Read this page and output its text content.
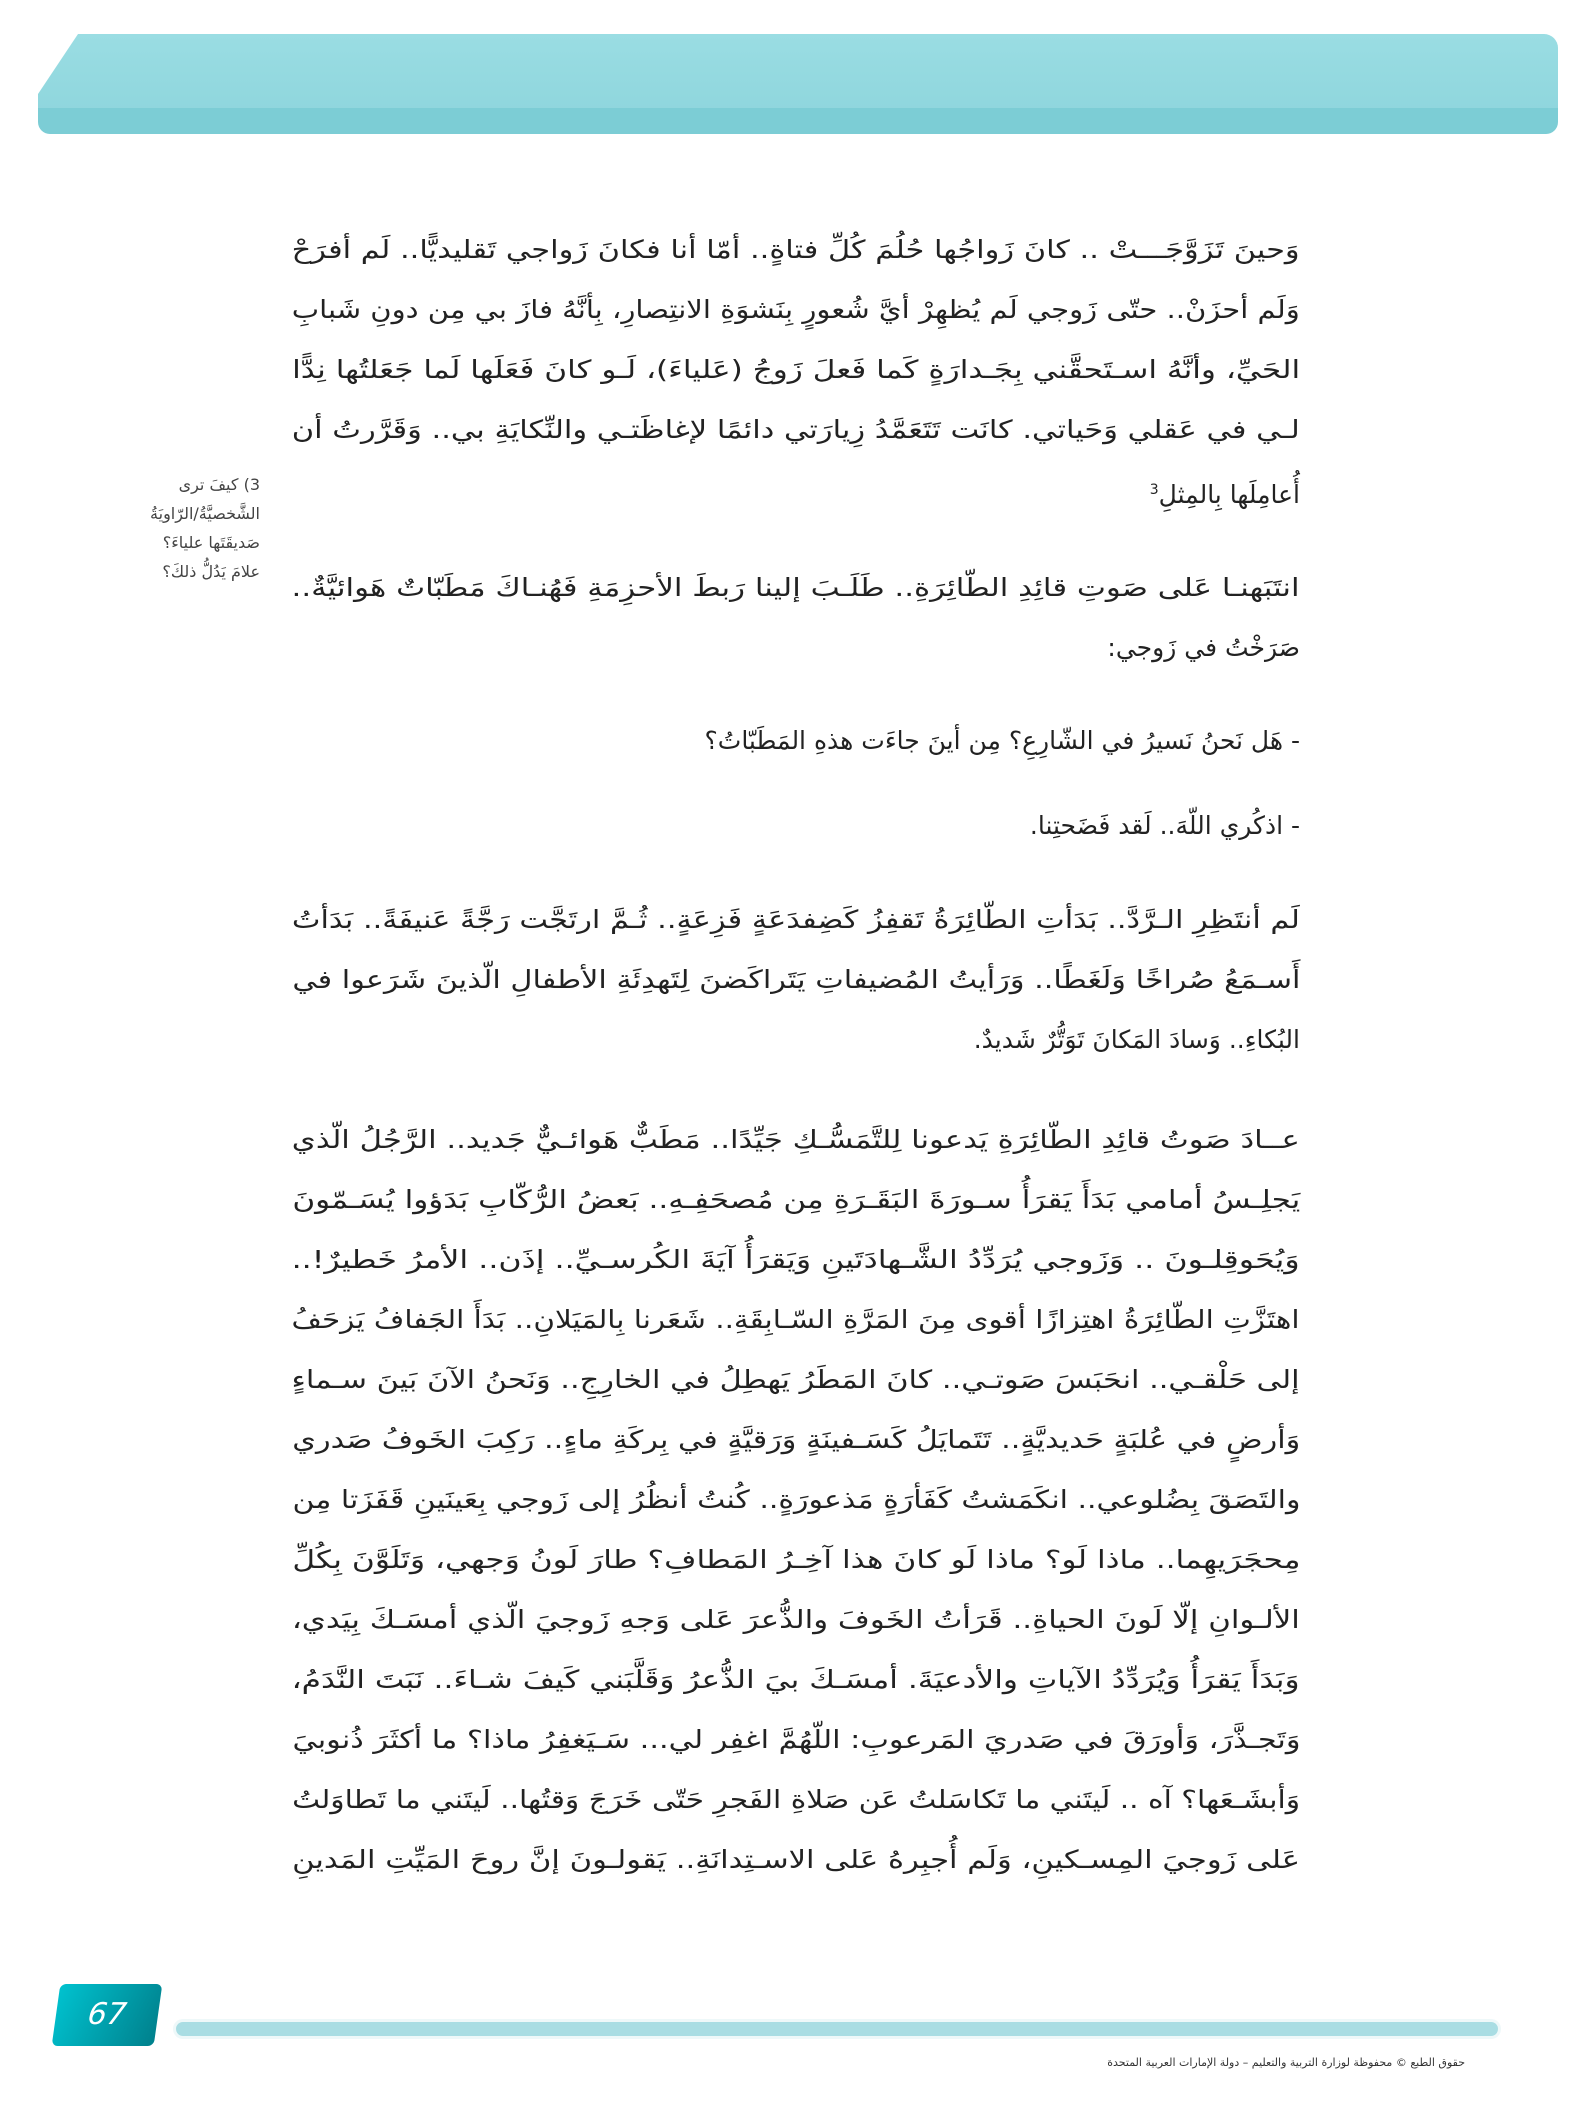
وَحينَ تَزَوَّجَـــتْ .. كانَ زَواجُها حُلُمَ كُلِّ فتاةٍ.. أمّا أنا فكانَ زَواجي تَقليديًّا.. لَم أفرَحْ
وَلَم أحزَنْ.. حتّى زَوجي لَم يُظهِرْ أيَّ شُعورٍ بِنَشوَةِ الانتِصارِ، بِأنَّهُ فازَ بي مِن دونِ شَبابِ
الحَيِّ، وأنَّهُ اسـتَحقَّني بِجَـدارَةٍ كَما فَعلَ زَوجُ (عَلياءَ)، لَـو كانَ فَعَلَها لَما جَعَلتُها نِدًّا
لـي في عَقلي وَحَياتي. كانَت تَتَعَمَّدُ زِيارَتي دائمًا لإغاظَتـي والنِّكايَةِ بي.. وَقَرَّرتُ أن
أُعامِلَها بِالمِثلِ$^3$
انتَبَهنـا عَلى صَوتِ قائِدِ الطّائِرَةِ.. طَلَـبَ إلينا رَبطَ الأحزِمَةِ فَهُنـاكَ مَطَبّاتٌ هَوائيَّةٌ..
صَرَخْتُ في زَوجي:
- هَل نَحنُ نَسيرُ في الشّارِعِ؟ مِن أينَ جاءَت هذهِ المَطَبّاتُ؟
- اذكُري اللّهَ.. لَقد فَضَحتِنا.
لَم أنتَظِرِ الـرَّدَّ.. بَدَأتِ الطّائِرَةُ تَقفِزُ كَضِفدَعَةٍ فَزِعَةٍ.. ثُـمَّ ارتَجَّت رَجَّةً عَنيفَةً.. بَدَأتُ
أَسـمَعُ صُراخًا وَلَغَطًا.. وَرَأيتُ المُضيفاتِ يَتَراكَضنَ لِتَهدِئَةِ الأطفالِ الّذينَ شَرَعوا في
البُكاءِ.. وَسادَ المَكانَ تَوَتُّرٌ شَديدٌ.
عــادَ صَوتُ قائِدِ الطّائِرَةِ يَدعونا لِلتَّمَسُّـكِ جَيِّدًا.. مَطَبٌّ هَوائـيٌّ جَديد.. الرَّجُلُ الّذي
يَجلِـسُ أمامي بَدَأَ يَقرَأُ سـورَةَ البَقَـرَةِ مِن مُصحَفِـهِ.. بَعضُ الرُّكّابِ بَدَؤوا يُسَـمّونَ
وَيُحَوقِلـونَ .. وَزَوجي يُرَدِّدُ الشَّـهادَتَينِ وَيَقرَأُ آيَةَ الكُرسـيِّ.. إذَن.. الأمرُ خَطيرٌ!..
اهتَزَّتِ الطّائِرَةُ اهتِزازًا أقوى مِنَ المَرَّةِ السّـابِقَةِ.. شَعَرنا بِالمَيَلانِ.. بَدَأَ الجَفافُ يَزحَفُ
إلى حَلْقـي.. انحَبَسَ صَوتـي.. كانَ المَطَرُ يَهطِلُ في الخارِجِ.. وَنَحنُ الآنَ بَينَ سـماءٍ
وَأرضٍ في عُلبَةٍ حَديديَّةٍ.. تَتَمايَلُ كَسَـفينَةٍ وَرَقيَّةٍ في بِركَةِ ماءٍ.. رَكِبَ الخَوفُ صَدري
والتَصَقَ بِضُلوعي.. انكَمَشتُ كَفَأرَةٍ مَذعورَةٍ.. كُنتُ أنظُرُ إلى زَوجي بِعَينَينِ قَفَزَتا مِن
مِحجَرَيهِما.. ماذا لَو؟ ماذا لَو كانَ هذا آخِـرُ المَطافِ؟ طارَ لَونُ وَجهي، وَتَلَوَّنَ بِكُلِّ
الألـوانِ إلّا لَونَ الحياةِ.. قَرَأتُ الخَوفَ والذُّعرَ عَلى وَجهِ زَوجيَ الّذي أمسَـكَ بِيَدي،
وَبَدَأَ يَقرَأُ وَيُرَدِّدُ الآياتِ والأدعيَةَ. أمسَـكَ بيَ الذُّعرُ وَقَلَّبَني كَيفَ شـاءَ.. نَبَتَ النَّدَمُ،
وَتَجـذَّرَ، وَأورَقَ في صَدريَ المَرعوبِ: اللّهُمَّ اغفِر لي... سَـيَغفِرُ ماذا؟ ما أكثَرَ ذُنوبيَ
وَأبشَـعَها؟ آه .. لَيتَني ما تَكاسَلتُ عَن صَلاةِ الفَجرِ حَتّى خَرَجَ وَقتُها.. لَيتَني ما تَطاوَلتُ
عَلى زَوجيَ المِسـكينِ، وَلَم أُجبِرهُ عَلى الاسـتِدانَةِ.. يَقولـونَ إنَّ روحَ المَيِّتِ المَدينِ
3) كيفَ ترى
الشَّخصيَّةُ/الرّاويَةُ
صَديقَتَها علياءَ؟
علامَ يَدُلُّ ذلكَ؟
67
حقوق الطبع © محفوظة لوزارة التربية والتعليم – دولة الإمارات العربية المتحدة
